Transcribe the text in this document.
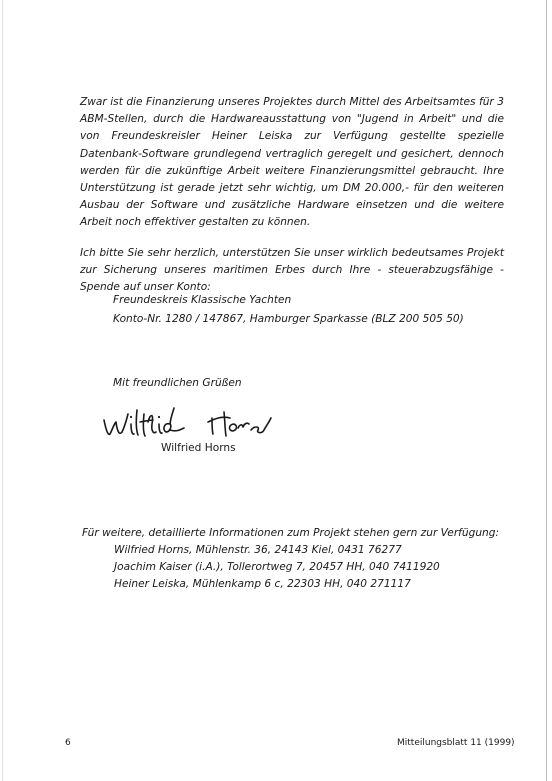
Zwar ist die Finanzierung unseres Projektes durch Mittel des Arbeitsamtes für 3 ABM-Stellen, durch die Hardwareausstattung von "Jugend in Arbeit" und die von Freundeskreisler Heiner Leiska zur Verfügung gestellte spezielle Datenbank-Software grundlegend vertraglich geregelt und gesichert, dennoch werden für die zukünftige Arbeit weitere Finanzierungsmittel gebraucht. Ihre Unterstützung ist gerade jetzt sehr wichtig, um DM 20.000,- für den weiteren Ausbau der Software und zusätzliche Hardware einsetzen und die weitere Arbeit noch effektiver gestalten zu können.

Ich bitte Sie sehr herzlich, unterstützen Sie unser wirklich bedeutsames Projekt zur Sicherung unseres maritimen Erbes durch Ihre - steuerabzugsfähige - Spende auf unser Konto:

Freundeskreis Klassische Yachten

Konto-Nr. 1280 / 147867, Hamburger Sparkasse (BLZ 200 505 50)

Mit freundlichen Grüßen

Wilfried Horns

Für weitere, detaillierte Informationen zum Projekt stehen gern zur Verfügung:

Wilfried Horns, Mühlenstr. 36, 24143 Kiel, 0431 76277

Joachim Kaiser (i.A.), Tollerortweg 7, 20457 HH, 040 7411920

Heiner Leiska, Mühlenkamp 6 c, 22303 HH, 040 271117

6	Mitteilungsblatt 11 (1999)
